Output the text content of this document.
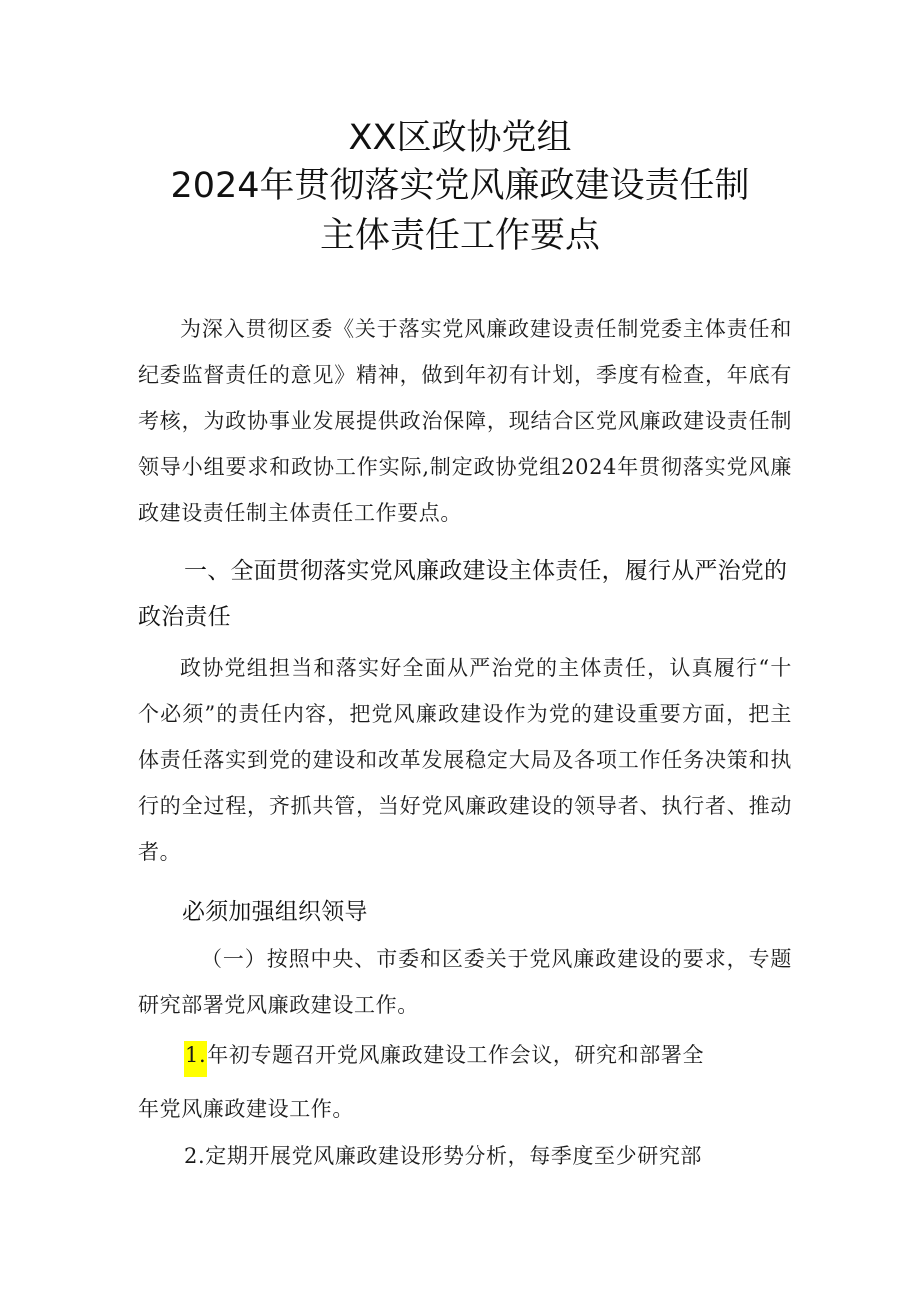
XX区政协党组
2024年贯彻落实党风廉政建设责任制
主体责任工作要点

为深入贯彻区委《关于落实党风廉政建设责任制党委主体责任和纪委监督责任的意见》精神，做到年初有计划，季度有检查，年底有考核，为政协事业发展提供政治保障，现结合区党风廉政建设责任制领导小组要求和政协工作实际,制定政协党组2024年贯彻落实党风廉政建设责任制主体责任工作要点。

一、全面贯彻落实党风廉政建设主体责任，履行从严治党的政治责任

政协党组担当和落实好全面从严治党的主体责任，认真履行“十个必须”的责任内容，把党风廉政建设作为党的建设重要方面，把主体责任落实到党的建设和改革发展稳定大局及各项工作任务决策和执行的全过程，齐抓共管，当好党风廉政建设的领导者、执行者、推动者。

必须加强组织领导

（一）按照中央、市委和区委关于党风廉政建设的要求，专题研究部署党风廉政建设工作。

1.年初专题召开党风廉政建设工作会议，研究和部署全
年党风廉政建设工作。
2.定期开展党风廉政建设形势分析，每季度至少研究部
